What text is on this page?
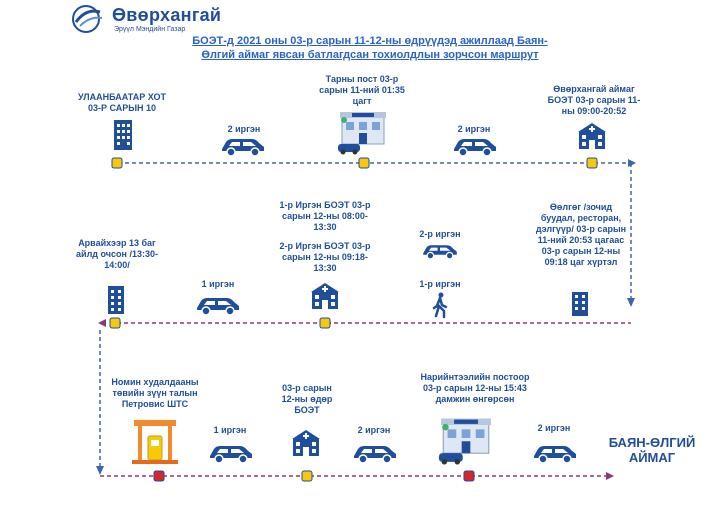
Өвөрхангай
Эрүүл Мэндийн Газар
БОЭТ-д 2021 оны 03-р сарын 11-12-ны өдрүүдэд ажиллаад Баян-
Өлгий аймаг явсан батлагдсан тохиолдлын зорчсон маршрут
УЛААНБААТАР ХОТ
03-Р САРЫН 10
2 иргэн
Тарны пост 03-р
сарын 11-ний 01:35
цагт
2 иргэн
Өвөрхангай аймаг
БОЭТ 03-р сарын 11-
ны 09:00-20:52
Арвайхээр 13 баг
айлд очсон /13:30-
14:00/
1 иргэн
1-р Иргэн БОЭТ 03-р
сарын 12-ны 08:00-
13:30
2-р Иргэн БОЭТ 03-р
сарын 12-ны 09:18-
13:30
2-р иргэн
1-р иргэн
Өөлгөг /зочид
буудал, ресторан,
дэлгүүр/ 03-р сарын
11-ний 20:53 цагаас
03-р сарын 12-ны
09:18 цаг хүртэл
Номин худалдааны
төвийн зүүн талын
Петровис ШТС
1 иргэн
03-р сарын
12-ны өдөр
БОЭТ
2 иргэн
Нарийнтээлийн постоор
03-р сарын 12-ны 15:43
дамжин өнгөрсөн
2 иргэн
БАЯН-ӨЛГИЙ
АЙМАГ
